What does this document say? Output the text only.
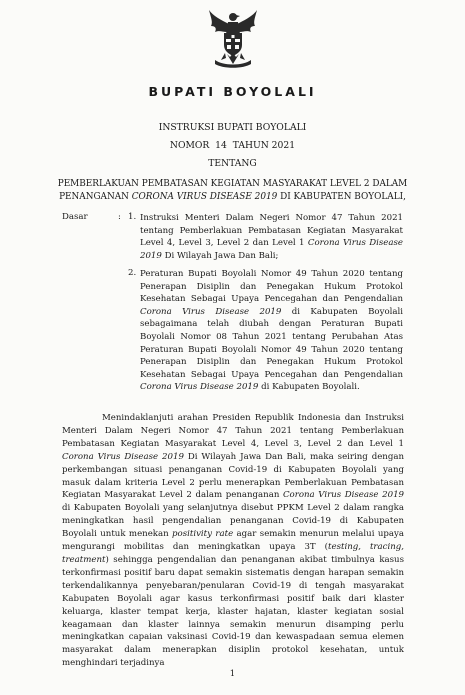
BUPATI BOYOLALI
INSTRUKSI BUPATI BOYOLALI
NOMOR  14  TAHUN 2021
TENTANG
PEMBERLAKUAN PEMBATASAN KEGIATAN MASYARAKAT LEVEL 2 DALAM
PENANGANAN CORONA VIRUS DISEASE 2019 DI KABUPATEN BOYOLALI,
Dasar	: 1. Instruksi Menteri Dalam Negeri Nomor 47 Tahun 2021 tentang Pemberlakuan Pembatasan Kegiatan Masyarakat Level 4, Level 3, Level 2 dan Level 1 Corona Virus Disease 2019 Di Wilayah Jawa Dan Bali;
2. Peraturan Bupati Boyolali Nomor 49 Tahun 2020 tentang Penerapan Disiplin dan Penegakan Hukum Protokol Kesehatan Sebagai Upaya Pencegahan dan Pengendalian Corona Virus Disease 2019 di Kabupaten Boyolali sebagaimana telah diubah dengan Peraturan Bupati Boyolali Nomor 08 Tahun 2021 tentang Perubahan Atas Peraturan Bupati Boyolali Nomor 49 Tahun 2020 tentang Penerapan Disiplin dan Penegakan Hukum Protokol Kesehatan Sebagai Upaya Pencegahan dan Pengendalian Corona Virus Disease 2019 di Kabupaten Boyolali.
Menindaklanjuti arahan Presiden Republik Indonesia dan Instruksi Menteri Dalam Negeri Nomor 47 Tahun 2021 tentang Pemberlakuan Pembatasan Kegiatan Masyarakat Level 4, Level 3, Level 2 dan Level 1 Corona Virus Disease 2019 Di Wilayah Jawa Dan Bali, maka seiring dengan perkembangan situasi penanganan Covid-19 di Kabupaten Boyolali yang masuk dalam kriteria Level 2 perlu menerapkan Pemberlakuan Pembatasan Kegiatan Masyarakat Level 2 dalam penanganan Corona Virus Disease 2019 di Kabupaten Boyolali yang selanjutnya disebut PPKM Level 2 dalam rangka meningkatkan hasil pengendalian penanganan Covid-19 di Kabupaten Boyolali untuk menekan positivity rate agar semakin menurun melalui upaya mengurangi mobilitas dan meningkatkan upaya 3T (testing, tracing, treatment) sehingga pengendalian dan penanganan akibat timbulnya kasus terkonfirmasi positif baru dapat semakin sistematis dengan harapan semakin terkendalikannya penyebaran/penularan Covid-19 di tengah masyarakat Kabupaten Boyolali agar kasus terkonfirmasi positif baik dari klaster keluarga, klaster tempat kerja, klaster hajatan, klaster kegiatan sosial keagamaan dan klaster lainnya semakin menurun disamping perlu meningkatkan capaian vaksinasi Covid-19 dan kewaspadaan semua elemen masyarakat dalam menerapkan disiplin protokol kesehatan, untuk menghindari terjadinya
1
